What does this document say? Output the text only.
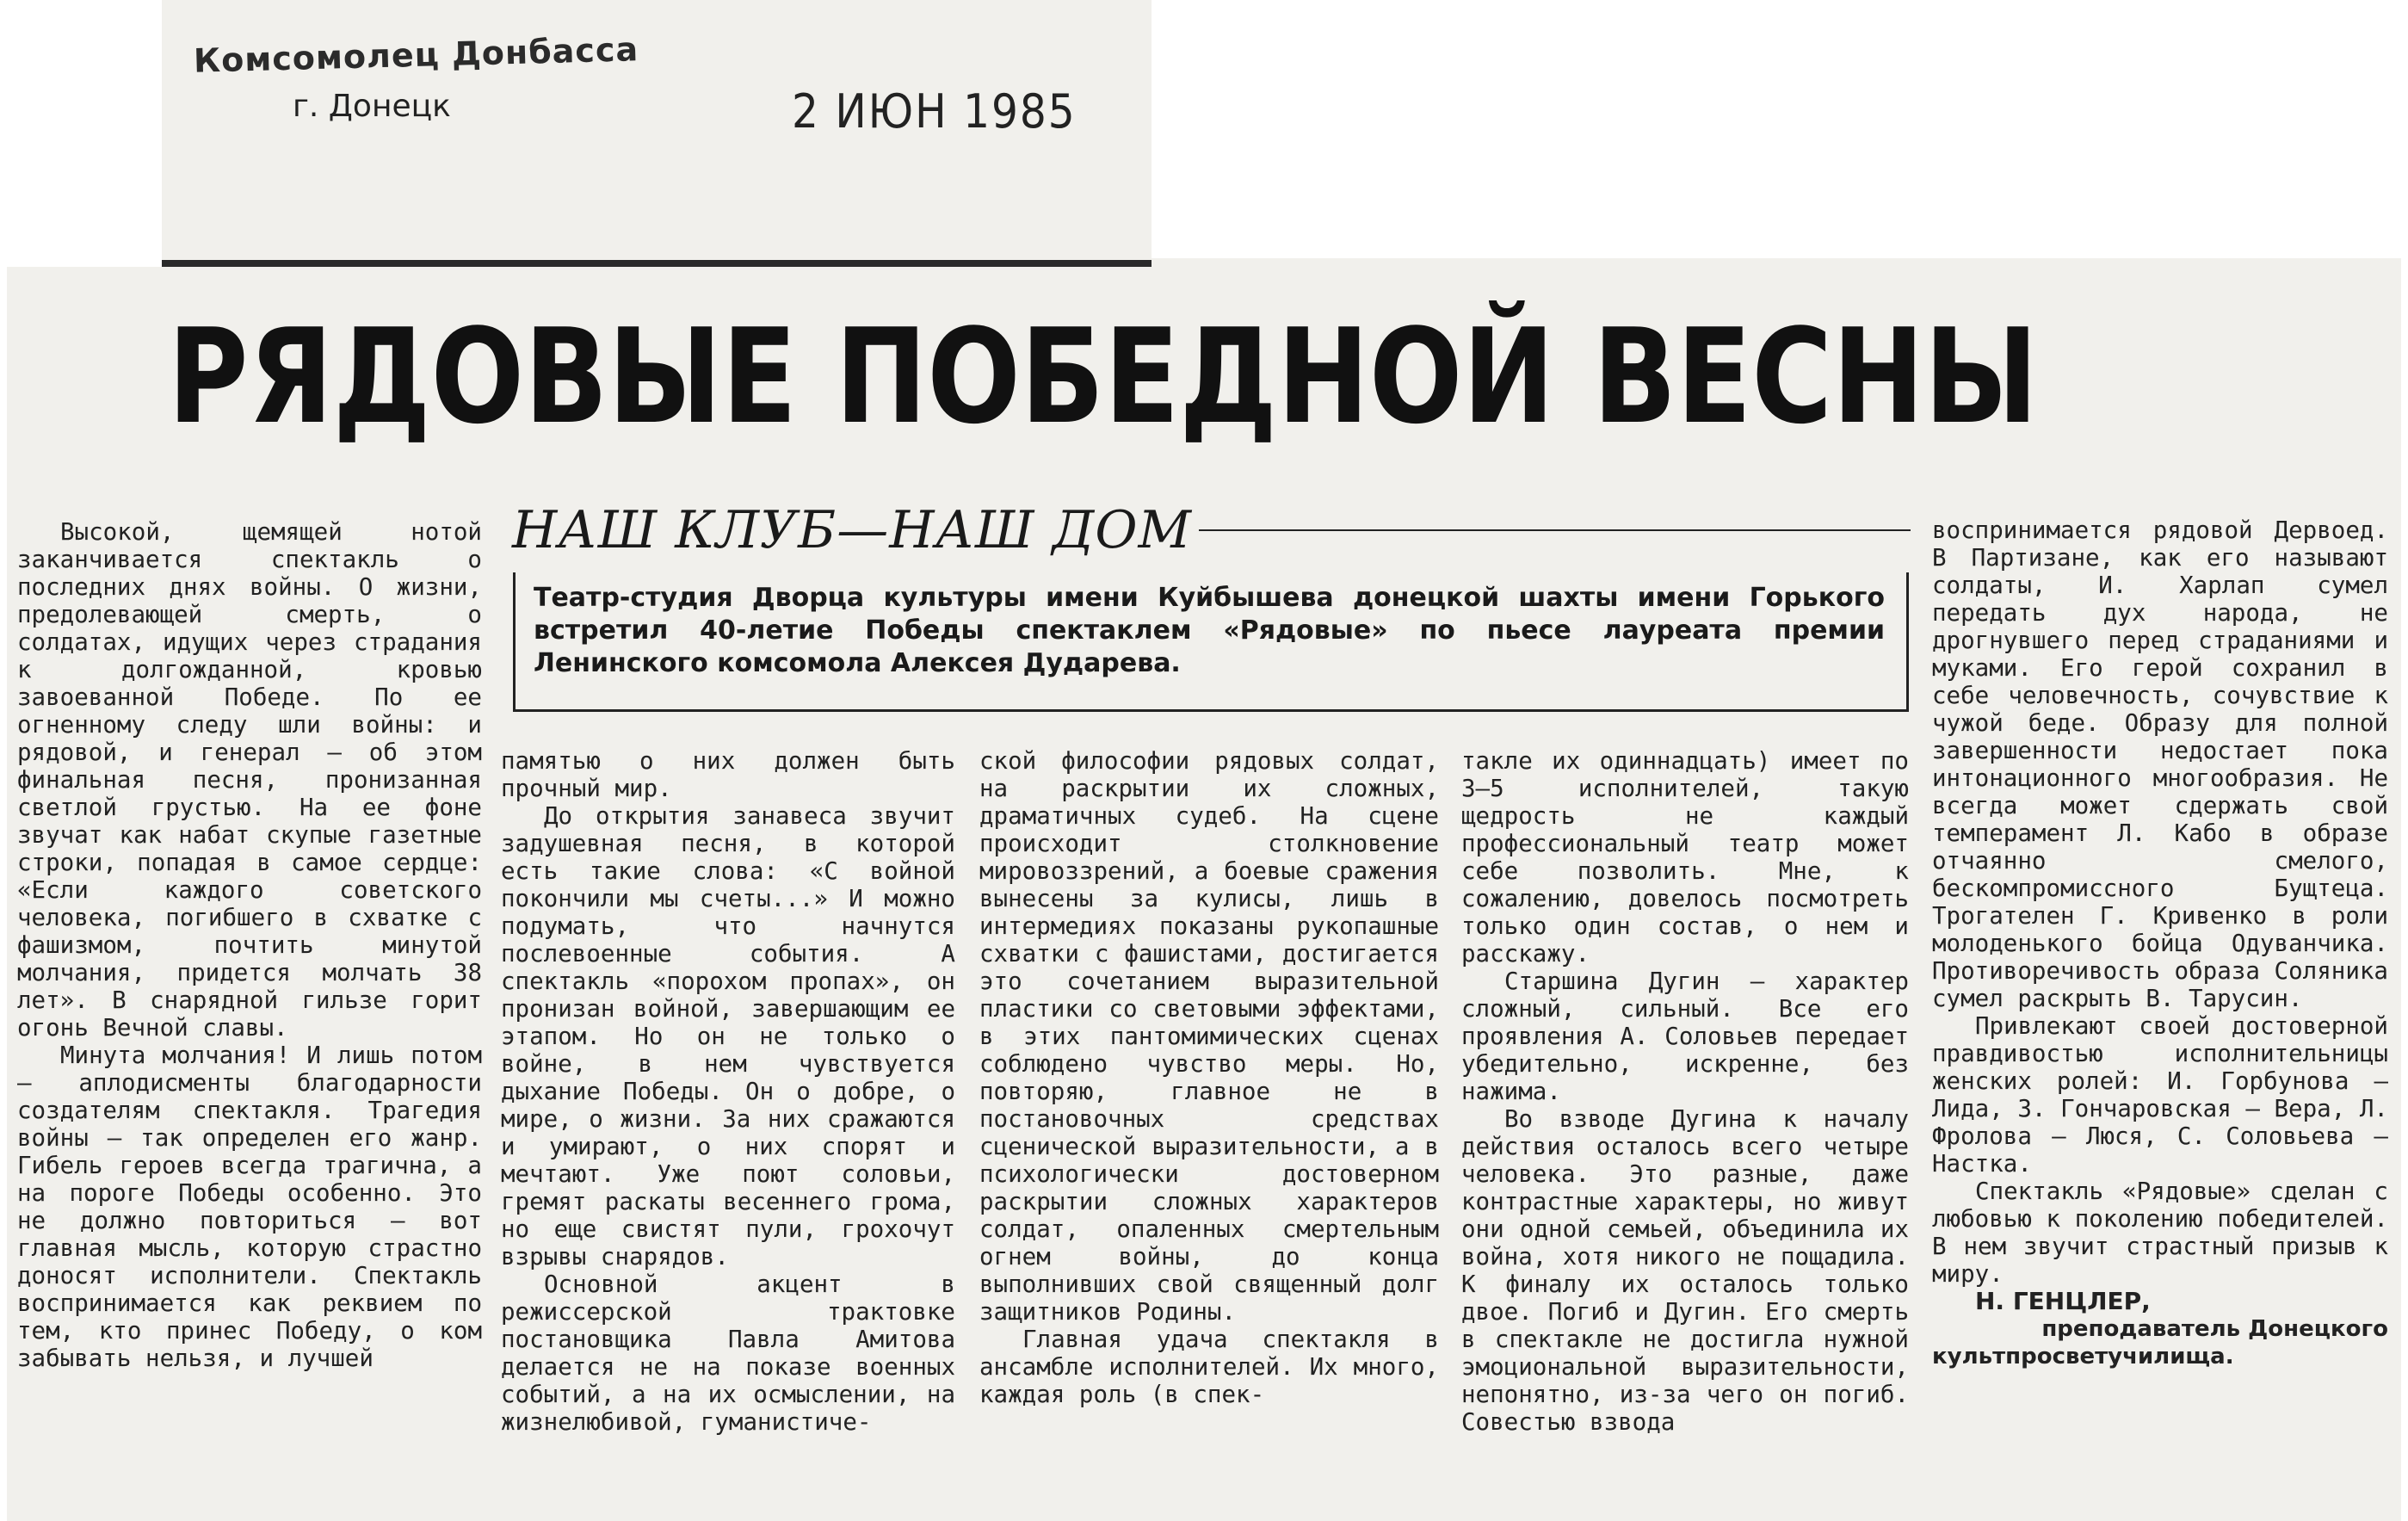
Комсомолец Донбасса
г. Донецк	2 ИЮН 1985
РЯДОВЫЕ ПОБЕДНОЙ ВЕСНЫ
НАШ КЛУБ—НАШ ДОМ
Театр-студия Дворца культуры имени Куйбышева донецкой шахты имени Горького встретил 40-летие Победы спектаклем «Рядовые» по пьесе лауреата премии Ленинского комсомола Алексея Дударева.

Высокой, щемящей нотой заканчивается спектакль о последних днях войны. О жизни, предолевающей смерть, о солдатах, идущих через страдания к долгожданной, кровью завоеванной Победе. По ее огненному следу шли войны: и рядовой, и генерал — об этом финальная песня, пронизанная светлой грустью. На ее фоне звучат как набат скупые газетные строки, попадая в самое сердце: «Если каждого советского человека, погибшего в схватке с фашизмом, почтить минутой молчания, придется молчать 38 лет». В снарядной гильзе горит огонь Вечной славы.

Минута молчания! И лишь потом — аплодисменты благодарности создателям спектакля. Трагедия войны — так определен его жанр. Гибель героев всегда трагична, а на пороге Победы особенно. Это не должно повториться — вот главная мысль, которую страстно доносят исполнители. Спектакль воспринимается как реквием по тем, кто принес Победу, о ком забывать нельзя, и лучшей

памятью о них должен быть прочный мир.

До открытия занавеса звучит задушевная песня, в которой есть такие слова: «С войной покончили мы счеты...» И можно подумать, что начнутся послевоенные события. А спектакль «порохом пропах», он пронизан войной, завершающим ее этапом. Но он не только о войне, в нем чувствуется дыхание Победы. Он о добре, о мире, о жизни. За них сражаются и умирают, о них спорят и мечтают. Уже поют соловьи, гремят раскаты весеннего грома, но еще свистят пули, грохочут взрывы снарядов.

Основной акцент в режиссерской трактовке постановщика Павла Амитова делается не на показе военных событий, а на их осмыслении, на жизнелюбивой, гуманистиче-

ской философии рядовых солдат, на раскрытии их сложных, драматичных судеб. На сцене происходит столкновение мировоззрений, а боевые сражения вынесены за кулисы, лишь в интермедиях показаны рукопашные схватки с фашистами, достигается это сочетанием выразительной пластики со световыми эффектами, в этих пантомимических сценах соблюдено чувство меры. Но, повторяю, главное не в постановочных средствах сценической выразительности, а в психологически достоверном раскрытии сложных характеров солдат, опаленных смертельным огнем войны, до конца выполнивших свой священный долг защитников Родины.

Главная удача спектакля в ансамбле исполнителей. Их много, каждая роль (в спек-

такле их одиннадцать) имеет по 3—5 исполнителей, такую щедрость не каждый профессиональный театр может себе позволить. Мне, к сожалению, довелось посмотреть только один состав, о нем и расскажу.

Старшина Дугин — характер сложный, сильный. Все его проявления А. Соловьев передает убедительно, искренне, без нажима.

Во взводе Дугина к началу действия осталось всего четыре человека. Это разные, даже контрастные характеры, но живут они одной семьей, объединила их война, хотя никого не пощадила. К финалу их осталось только двое. Погиб и Дугин. Его смерть в спектакле не достигла нужной эмоциональной выразительности, непонятно, из-за чего он погиб. Совестью взвода

воспринимается рядовой Дервоед. В Партизане, как его называют солдаты, И. Харлап сумел передать дух народа, не дрогнувшего перед страданиями и муками. Его герой сохранил в себе человечность, сочувствие к чужой беде. Образу для полной завершенности недостает пока интонационного многообразия. Не всегда может сдержать свой темперамент Л. Кабо в образе отчаянно смелого, бескомпромиссного Бущтеца. Трогателен Г. Кривенко в роли молоденького бойца Одуванчика. Противоречивость образа Соляника сумел раскрыть В. Тарусин.

Привлекают своей достоверной правдивостью исполнительницы женских ролей: И. Горбунова — Лида, З. Гончаровская — Вера, Л. Фролова — Люся, С. Соловьева — Настка.

Спектакль «Рядовые» сделан с любовью к поколению победителей. В нем звучит страстный призыв к миру.

Н. ГЕНЦЛЕР,

преподаватель Донецкого культпросветучилища.
